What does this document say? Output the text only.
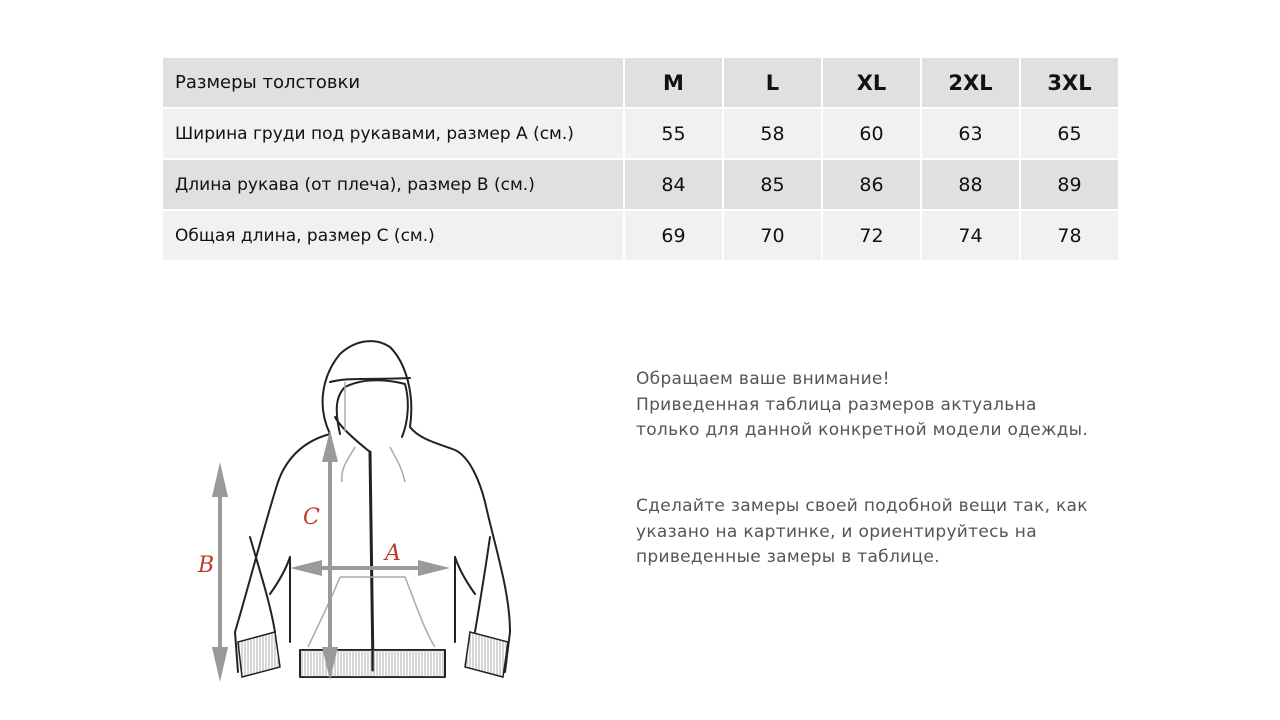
Размеры толстовки	M	L	XL	2XL	3XL
Ширина груди под рукавами, размер А (см.)	55	58	60	63	65
Длина рукава (от плеча), размер В (см.)	84	85	86	88	89
Общая длина, размер С (см.)	69	70	72	74	78
B
C
A

Обращаем ваше внимание!

Приведенная таблица размеров актуальна

только для данной конкретной модели одежды.

Сделайте замеры своей подобной вещи так, как

указано на картинке, и ориентируйтесь на

приведенные замеры в таблице.
